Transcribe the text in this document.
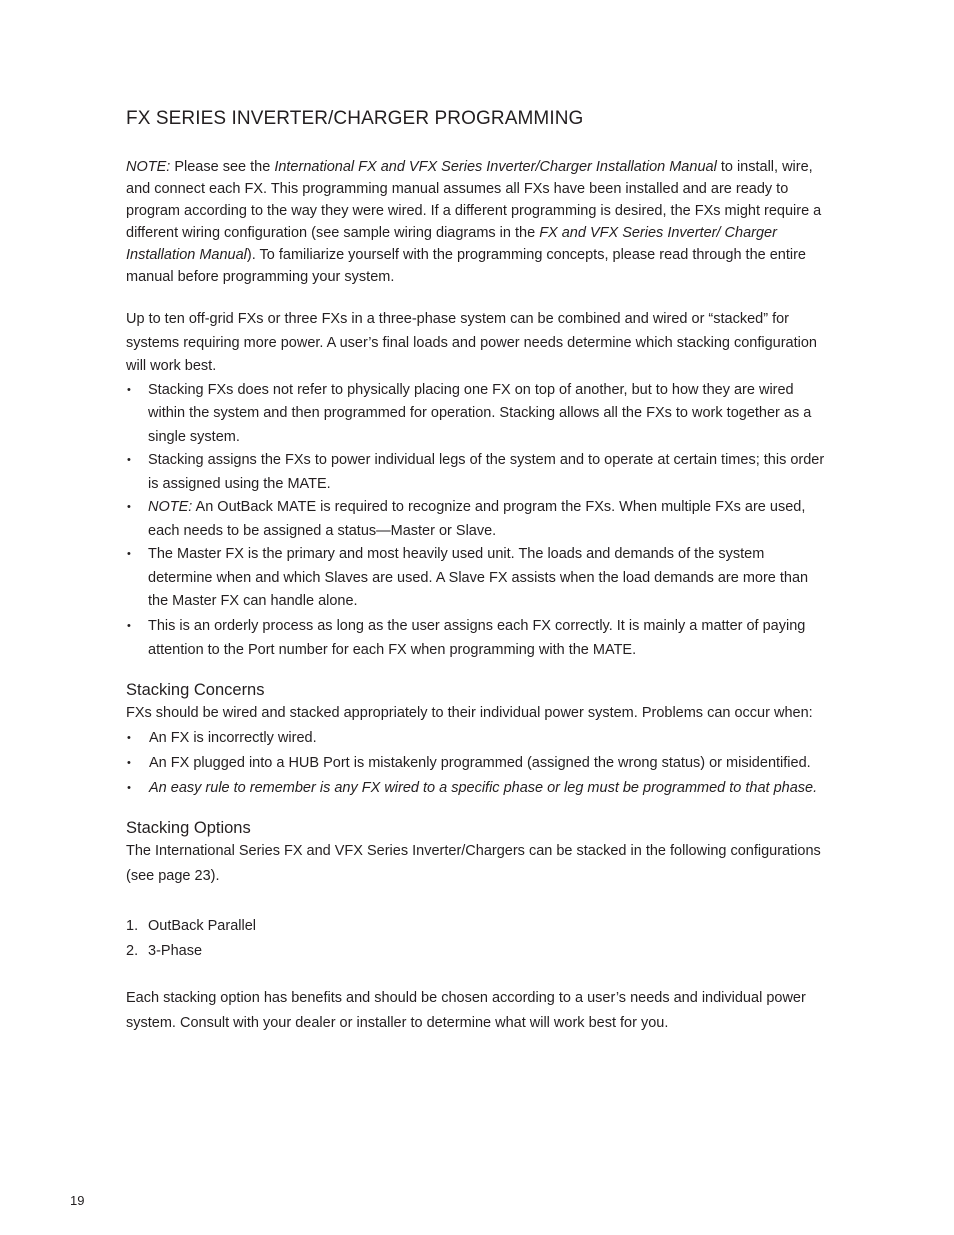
FX SERIES INVERTER/CHARGER PROGRAMMING

NOTE: Please see the International FX and VFX Series Inverter/Charger Installation Manual to install, wire, and connect each FX. This programming manual assumes all FXs have been installed and are ready to program according to the way they were wired. If a different programming is desired, the FXs might require a different wiring configuration (see sample wiring diagrams in the FX and VFX Series Inverter/ Charger Installation Manual). To familiarize yourself with the programming concepts, please read through the entire manual before programming your system.

Up to ten off-grid FXs or three FXs in a three-phase system can be combined and wired or “stacked” for systems requiring more power. A user’s final loads and power needs determine which stacking configuration will work best.

• Stacking FXs does not refer to physically placing one FX on top of another, but to how they are wired within the system and then programmed for operation. Stacking allows all the FXs to work together as a single system.
• Stacking assigns the FXs to power individual legs of the system and to operate at certain times; this order is assigned using the MATE.
• NOTE: An OutBack MATE is required to recognize and program the FXs. When multiple FXs are used, each needs to be assigned a status—Master or Slave.
• The Master FX is the primary and most heavily used unit. The loads and demands of the system determine when and which Slaves are used. A Slave FX assists when the load demands are more than the Master FX can handle alone.
• This is an orderly process as long as the user assigns each FX correctly. It is mainly a matter of paying attention to the Port number for each FX when programming with the MATE.
Stacking Concerns

FXs should be wired and stacked appropriately to their individual power system. Problems can occur when:

• An FX is incorrectly wired.
• An FX plugged into a HUB Port is mistakenly programmed (assigned the wrong status) or misidentified.
• An easy rule to remember is any FX wired to a specific phase or leg must be programmed to that phase.
Stacking Options

The International Series FX and VFX Series Inverter/Chargers can be stacked in the following configurations (see page 23).

1. OutBack Parallel
2. 3-Phase

Each stacking option has benefits and should be chosen according to a user’s needs and individual power system. Consult with your dealer or installer to determine what will work best for you.

19
